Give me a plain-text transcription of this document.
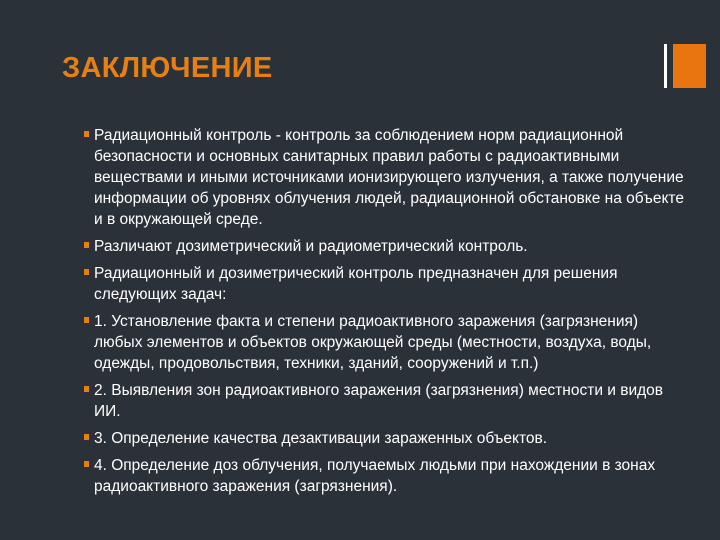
ЗАКЛЮЧЕНИЕ
Радиационный контроль - контроль за соблюдением норм радиационной безопасности и основных санитарных правил работы с радиоактивными веществами и иными источниками ионизирующего излучения, а также получение информации об уровнях облучения людей, радиационной обстановке на объекте и в окружающей среде.
Различают дозиметрический и радиометрический контроль.
Радиационный и дозиметрический контроль предназначен для решения следующих задач:
1. Установление факта и степени радиоактивного заражения (загрязнения) любых элементов и объектов окружающей среды (местности, воздуха, воды, одежды, продовольствия, техники, зданий, сооружений и т.п.)
2. Выявления зон радиоактивного заражения (загрязнения) местности и видов ИИ.
3. Определение качества дезактивации зараженных объектов.
4. Определение доз облучения, получаемых людьми при нахождении в зонах радиоактивного заражения (загрязнения).
